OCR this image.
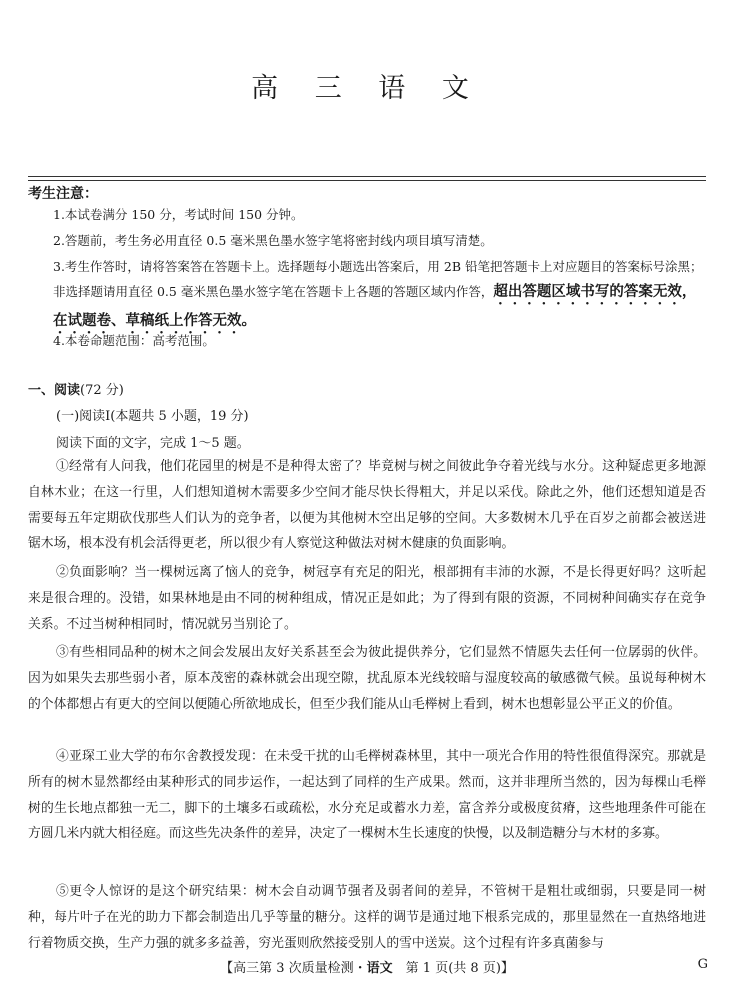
高 三 语 文
考生注意：
1.本试卷满分 150 分，考试时间 150 分钟。
2.答题前，考生务必用直径 0.5 毫米黑色墨水签字笔将密封线内项目填写清楚。
3.考生作答时，请将答案答在答题卡上。选择题每小题选出答案后，用 2B 铅笔把答题卡上对应题目的答案标号涂黑；非选择题请用直径 0.5 毫米黑色墨水签字笔在答题卡上各题的答题区域内作答，超出答题区域书写的答案无效，在试题卷、草稿纸上作答无效。
4.本卷命题范围：高考范围。
一、阅读(72 分)
(一)阅读Ⅰ(本题共 5 小题，19 分)
阅读下面的文字，完成 1～5 题。
①经常有人问我，他们花园里的树是不是种得太密了？毕竟树与树之间彼此争夺着光线与水分。这种疑虑更多地源自林木业；在这一行里，人们想知道树木需要多少空间才能尽快长得粗大，并足以采伐。除此之外，他们还想知道是否需要每五年定期砍伐那些人们认为的竞争者，以便为其他树木空出足够的空间。大多数树木几乎在百岁之前都会被送进锯木场，根本没有机会活得更老，所以很少有人察觉这种做法对树木健康的负面影响。
②负面影响？当一棵树远离了恼人的竞争，树冠享有充足的阳光，根部拥有丰沛的水源，不是长得更好吗？这听起来是很合理的。没错，如果林地是由不同的树种组成，情况正是如此；为了得到有限的资源，不同树种间确实存在竞争关系。不过当树种相同时，情况就另当别论了。
③有些相同品种的树木之间会发展出友好关系甚至会为彼此提供养分，它们显然不情愿失去任何一位孱弱的伙伴。因为如果失去那些弱小者，原本茂密的森林就会出现空隙，扰乱原本光线较暗与湿度较高的敏感微气候。虽说每种树木的个体都想占有更大的空间以便随心所欲地成长，但至少我们能从山毛榉树上看到，树木也想彰显公平正义的价值。
④亚琛工业大学的布尔舍教授发现：在未受干扰的山毛榉树森林里，其中一项光合作用的特性很值得深究。那就是所有的树木显然都经由某种形式的同步运作，一起达到了同样的生产成果。然而，这并非理所当然的，因为每棵山毛榉树的生长地点都独一无二，脚下的土壤多石或疏松，水分充足或蓄水力差，富含养分或极度贫瘠，这些地理条件可能在方圆几米内就大相径庭。而这些先决条件的差异，决定了一棵树木生长速度的快慢，以及制造糖分与木材的多寡。
⑤更令人惊讶的是这个研究结果：树木会自动调节强者及弱者间的差异，不管树干是粗壮或细弱，只要是同一树种，每片叶子在光的助力下都会制造出几乎等量的糖分。这样的调节是通过地下根系完成的，那里显然在一直热络地进行着物质交换，生产力强的就多多益善，穷光蛋则欣然接受别人的雪中送炭。这个过程有许多真菌参与
【高三第 3 次质量检测・语文　第 1 页(共 8 页)】	G
